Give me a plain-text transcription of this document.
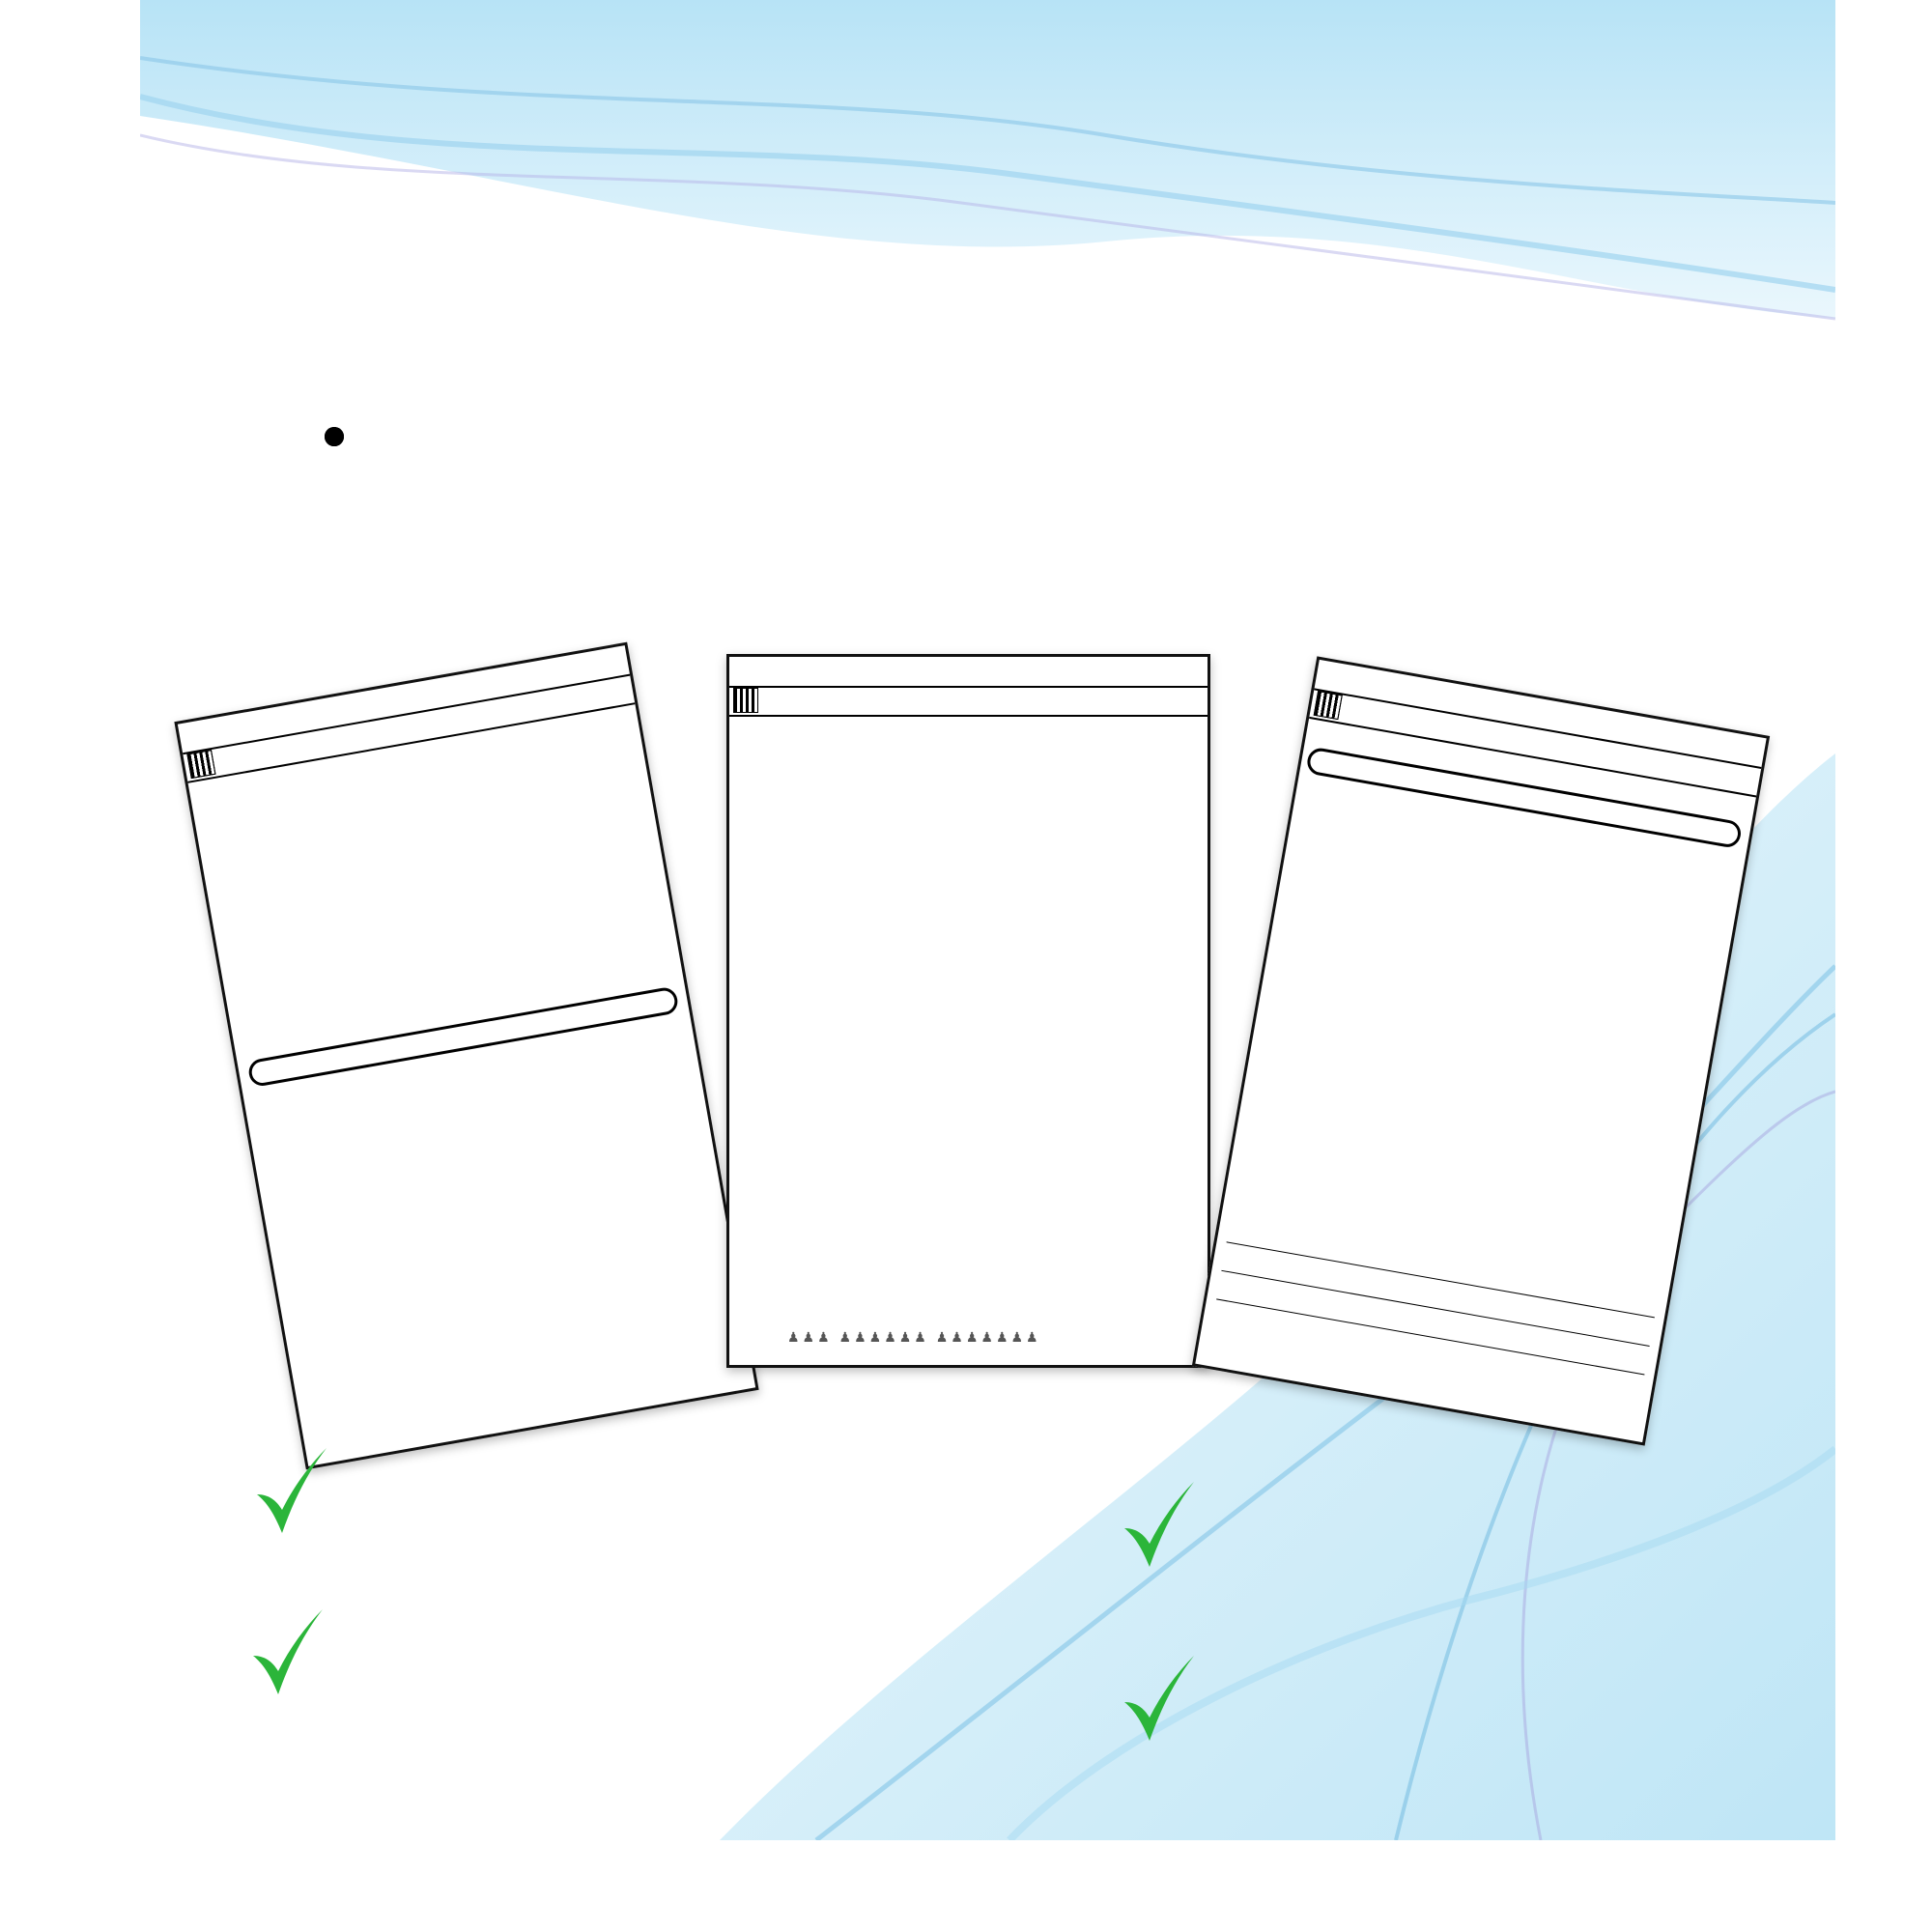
♟♟♟ ♟♟♟♟♟♟ ♟♟♟♟♟♟♟
